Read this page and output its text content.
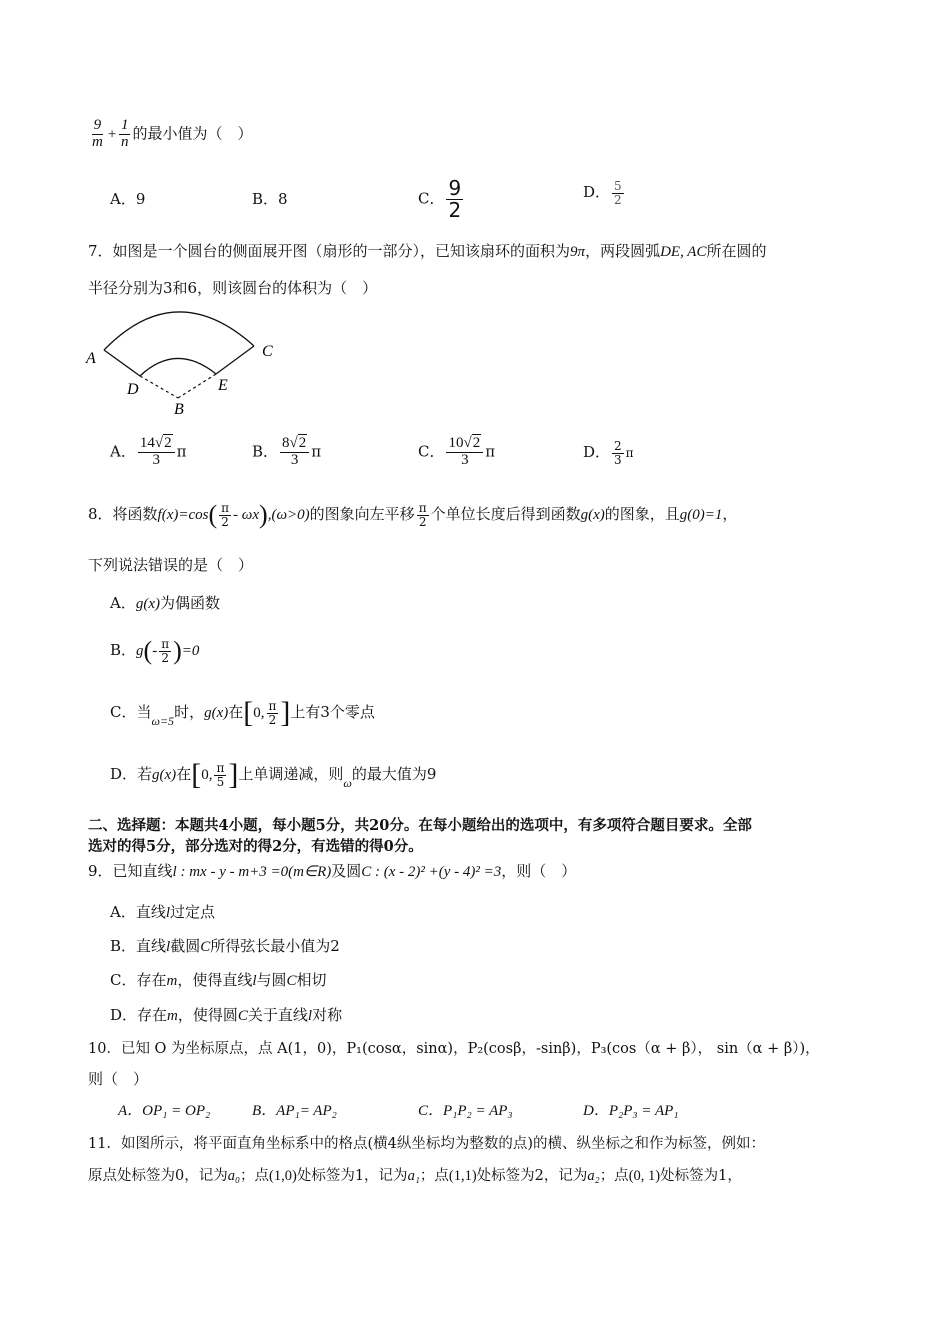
$\frac{9}{m} + \frac{1}{n}$ 的最小值为（　）
A．9	B．8	C． $\frac{9}{2}$	D． $\frac{5}{2}$
7．如图是一个圆台的侧面展开图（扇形的一部分），已知该扇环的面积为9π，两段圆弧DE, AC所在圆的
半径分别为3和6，则该圆台的体积为（　）
A	C
D	E
B
A． $\frac{14√2}{3}$ π	B． $\frac{8√2}{3}$ π	C． $\frac{10√2}{3}$ π	D． $\frac{2}{3}$ π
8．将函数$f(x)=\cos( \frac{\pi}{2} - \omega x),(\omega>0)$的图象向左平移 $\frac{\pi}{2}$ 个单位长度后得到函数g(x)的图象，且g(0)=1，
下列说法错误的是（　）
A．g(x)为偶函数
B．$g(- \frac{\pi}{2} )=0$
C．当$_{\omega=5}$时，g(x)在[0, $\frac{\pi}{2}$ ]上有3个零点
D．若g(x)在[0, $\frac{\pi}{5}$ ]上单调递减，则$_\omega$的最大值为9
二、选择题：本题共4小题，每小题5分，共20分。在每小题给出的选项中，有多项符合题目要求。全部
选对的得5分，部分选对的得2分，有选错的得0分。
9．已知直线l : mx - y - m+3 =0(m∈R)及圆C : (x - 2)² +(y - 4)² =3，则（　）
A．直线l过定点
B．直线l截圆C所得弦长最小值为2
C．存在m，使得直线l与圆C相切
D．存在m，使得圆C关于直线l对称
10．已知 O 为坐标原点，点 A(1，0)，P₁(cosα，sinα)，P₂(cosβ，-sinβ)，P₃(cos（α + β）， sin（α + β）)，
则（　）
A．OP₁ = OP₂	B．AP₁= AP₂	C．P₁P₂ = AP₃	D．P₂P₃ = AP₁
11．如图所示，将平面直角坐标系中的格点(横4纵坐标均为整数的点)的横、纵坐标之和作为标签，例如：
原点处标签为0，记为a₀；点(1,0)处标签为1，记为a₁；点(1,1)处标签为2，记为a₂；点(0, 1)处标签为1，
